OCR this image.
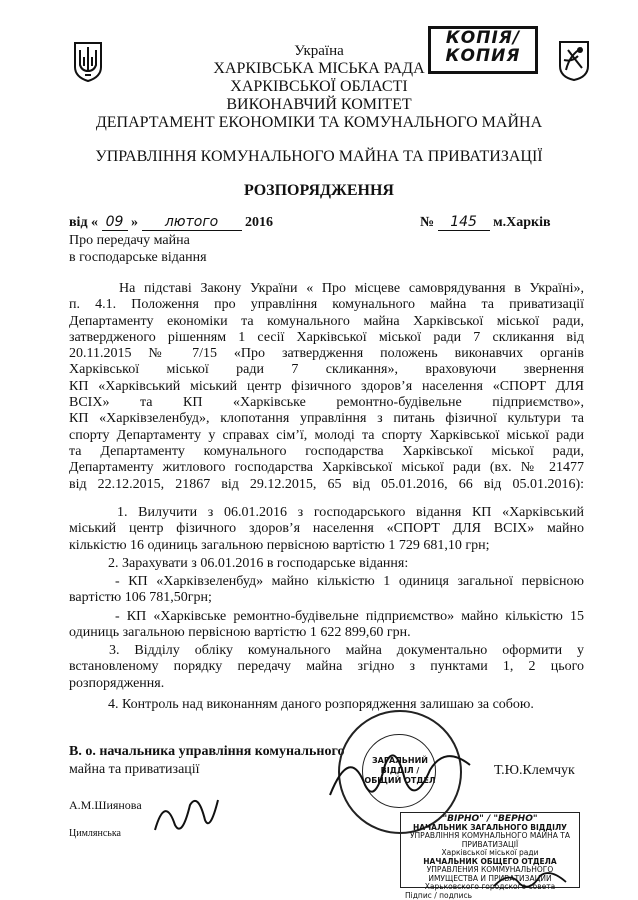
КОПІЯ/
КОПИЯ
Україна
ХАРКІВСЬКА МІСЬКА РАДА
ХАРКІВСЬКОЇ ОБЛАСТІ
ВИКОНАВЧИЙ КОМІТЕТ
ДЕПАРТАМЕНТ ЕКОНОМІКИ ТА КОМУНАЛЬНОГО МАЙНА
УПРАВЛІННЯ КОМУНАЛЬНОГО МАЙНА ТА ПРИВАТИЗАЦІЇ
РОЗПОРЯДЖЕННЯ
від « 09 » лютого 2016	№ 145 м.Харків
Про передачу майна
в господарське відання
На підставі Закону України « Про місцеве самоврядування в Україні»,
п. 4.1. Положення про управління комунального майна та приватизації
Департаменту економіки та комунального майна Харківської міської ради,
затвердженого рішенням 1 сесії Харківської міської ради 7 скликання від
20.11.2015 № 7/15 «Про затвердження положень виконавчих органів
Харківської міської ради 7 скликання», враховуючи звернення
КП «Харківський міський центр фізичного здоров’я населення «СПОРТ ДЛЯ
ВСІХ» та КП «Харківське ремонтно-будівельне підприємство»,
КП «Харківзеленбуд», клопотання управління з питань фізичної культури та
спорту Департаменту у справах сім’ї, молоді та спорту Харківської міської ради
та Департаменту комунального господарства Харківської міської ради,
Департаменту житлового господарства Харківської міської ради (вх. № 21477
від 22.12.2015, 21867 від 29.12.2015, 65 від 05.01.2016, 66 від 05.01.2016):
1. Вилучити з 06.01.2016 з господарського відання КП «Харківський
міський центр фізичного здоров’я населення «СПОРТ ДЛЯ ВСІХ» майно
кількістю 16 одиниць загальною первісною вартістю 1 729 681,10 грн;
2. Зарахувати з 06.01.2016 в господарське відання:
- КП «Харківзеленбуд» майно кількістю 1 одиниця загальної первісною
вартістю 106 781,50грн;
- КП «Харківське ремонтно-будівельне підприємство» майно кількістю 15
одиниць загальною первісною вартістю 1 622 899,60 грн.
3. Відділу обліку комунального майна документально оформити у
встановленому порядку передачу майна згідно з пунктами 1, 2 цього
розпорядження.
4. Контроль над виконанням даного розпорядження залишаю за собою.
В. о. начальника управління комунального
майна та приватизації	Т.Ю.Клемчук
А.М.Шиянова
Цимлянська
ЗАГАЛЬНИЙ
ВІДДІЛ /
ОБЩИЙ ОТДЕЛ
"ВІРНО" / "ВЕРНО"
НАЧАЛЬНИК ЗАГАЛЬНОГО ВІДДІЛУ
УПРАВЛІННЯ КОМУНАЛЬНОГО МАЙНА ТА ПРИВАТИЗАЦІЇ
Харківської міської ради
НАЧАЛЬНИК ОБЩЕГО ОТДЕЛА
УПРАВЛЕНИЯ КОММУНАЛЬНОГО ИМУЩЕСТВА И ПРИВАТИЗАЦИИ
Харьковского городского совета
Підпис / подпись
